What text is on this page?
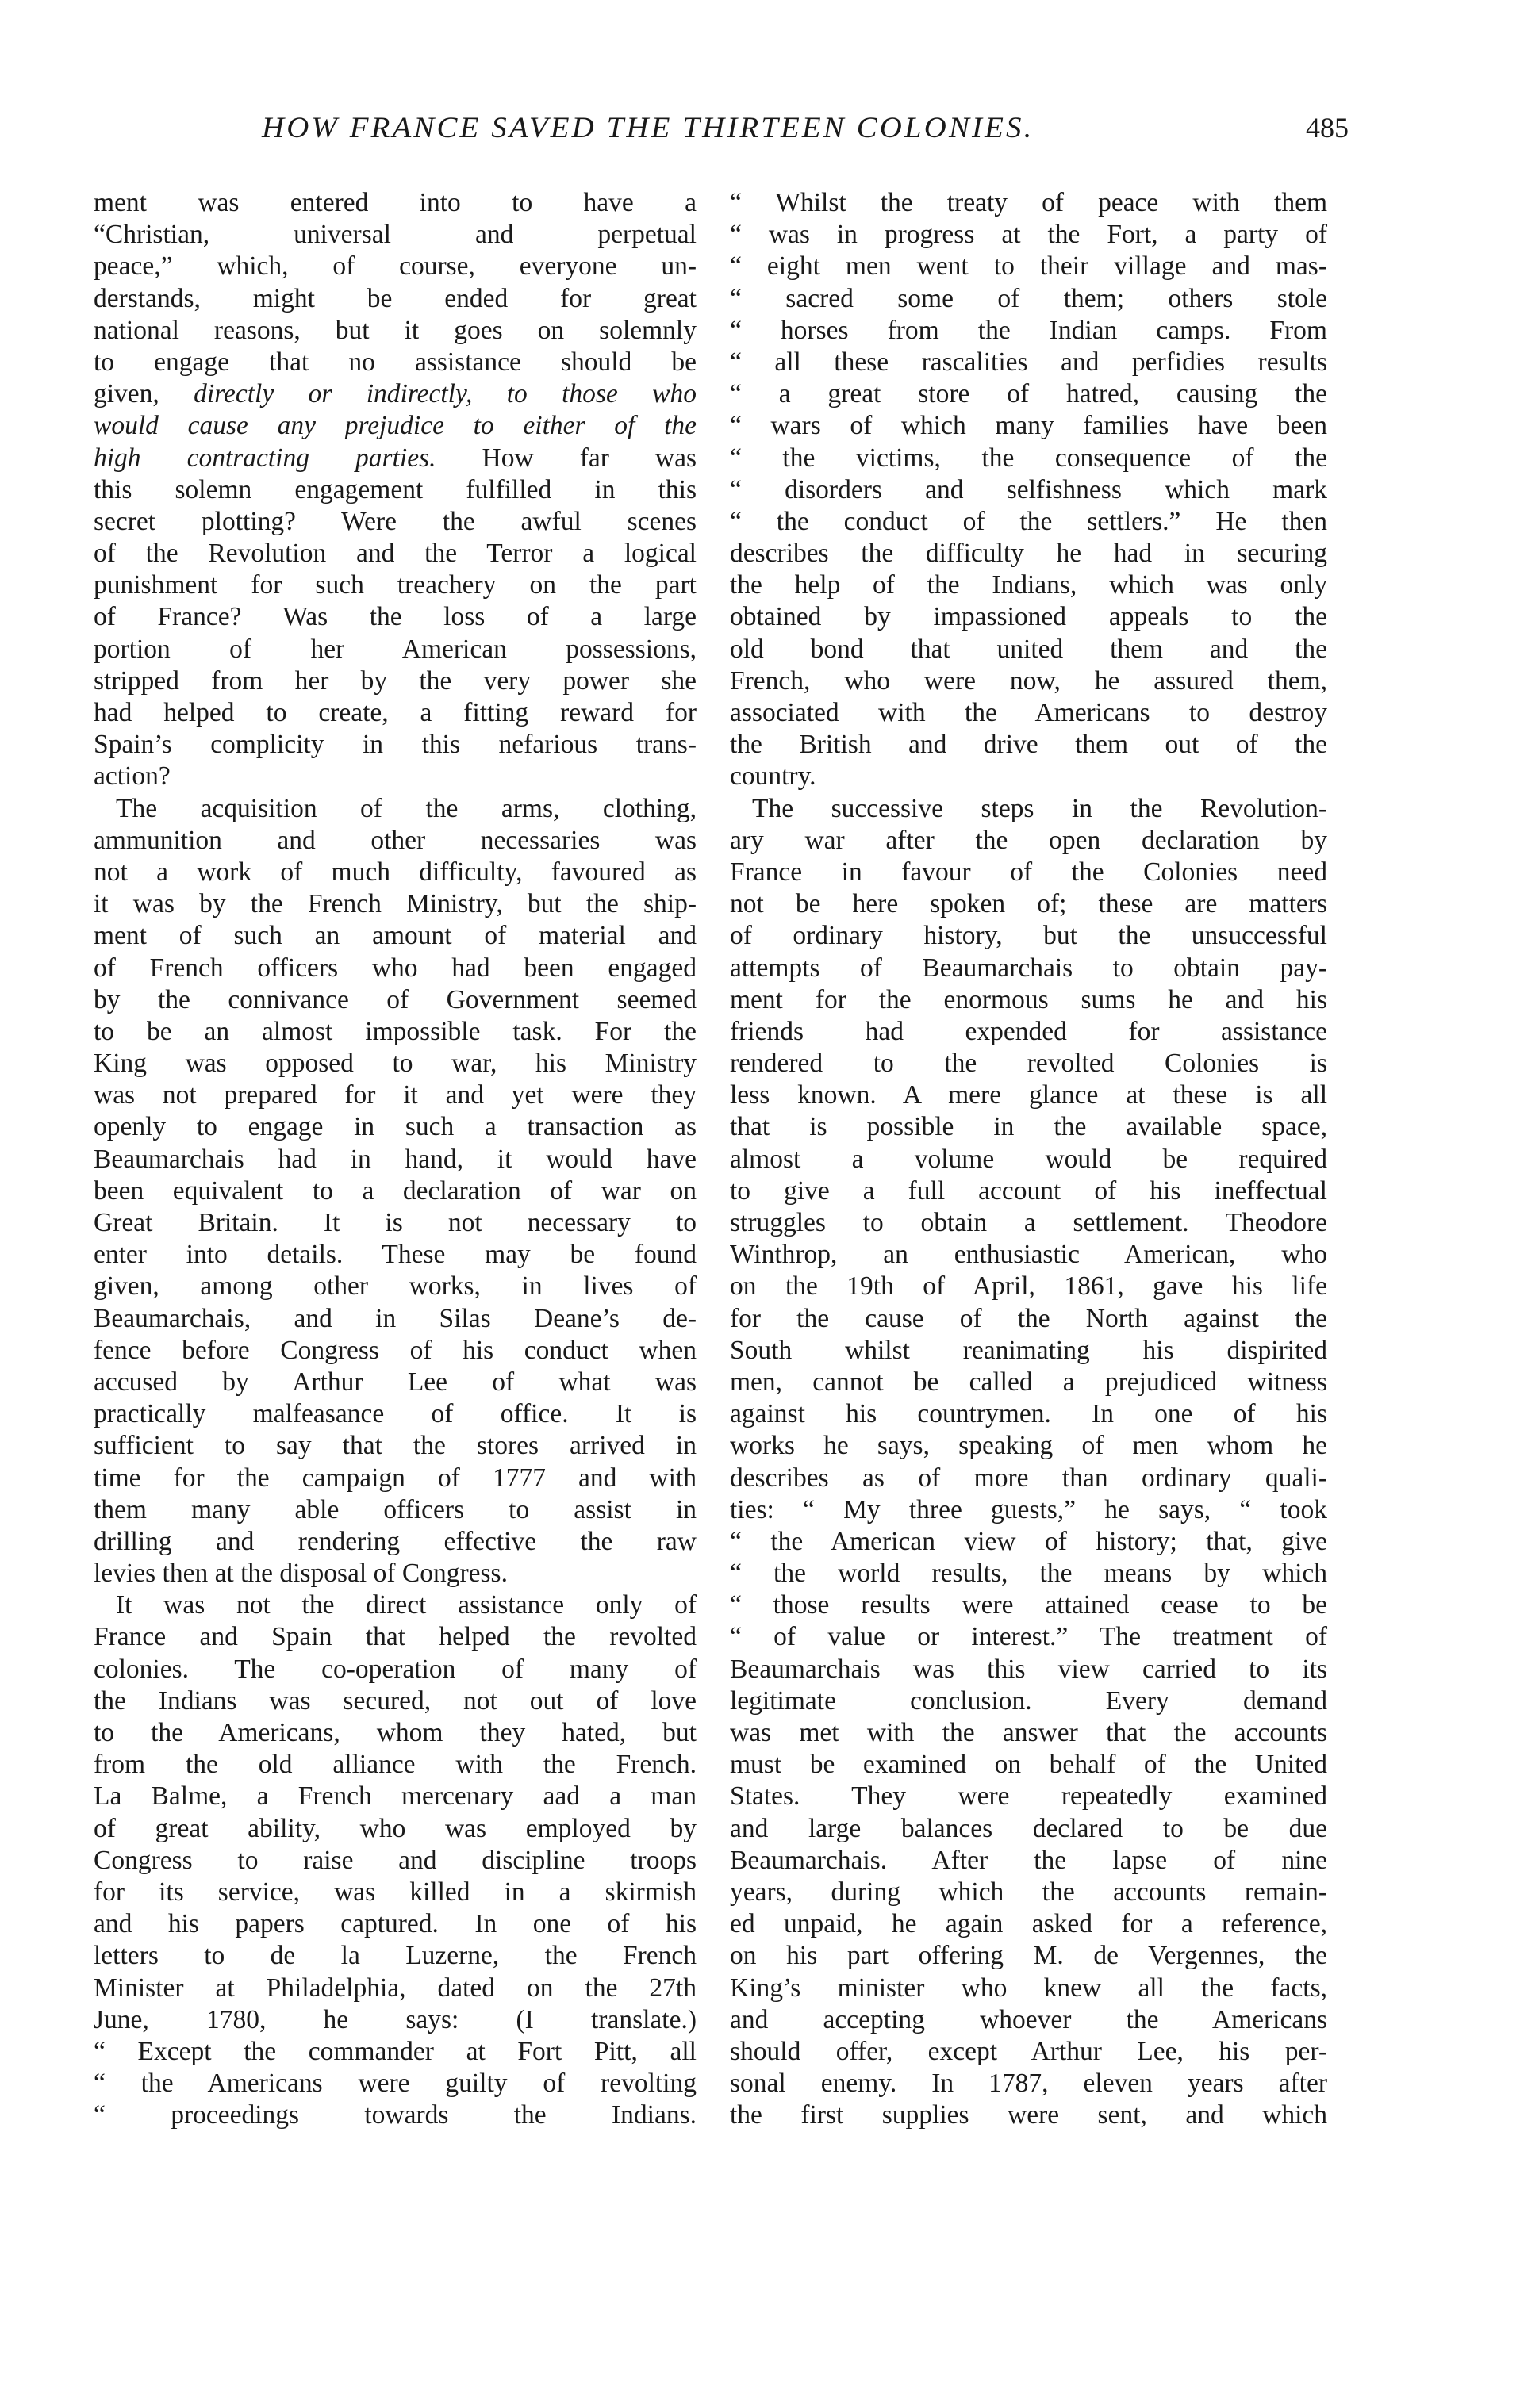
HOW FRANCE SAVED THE THIRTEEN COLONIES.	485
ment was entered into to have a
“Christian, universal and perpetual
peace,” which, of course, everyone un-
derstands, might be ended for great
national reasons, but it goes on solemnly
to engage that no assistance should be
given, directly or indirectly, to those who
would cause any prejudice to either of the
high contracting parties. How far was
this solemn engagement fulfilled in this
secret plotting? Were the awful scenes
of the Revolution and the Terror a logical
punishment for such treachery on the part
of France? Was the loss of a large
portion of her American possessions,
stripped from her by the very power she
had helped to create, a fitting reward for
Spain’s complicity in this nefarious trans-
action?
The acquisition of the arms, clothing,
ammunition and other necessaries was
not a work of much difficulty, favoured as
it was by the French Ministry, but the ship-
ment of such an amount of material and
of French officers who had been engaged
by the connivance of Government seemed
to be an almost impossible task. For the
King was opposed to war, his Ministry
was not prepared for it and yet were they
openly to engage in such a transaction as
Beaumarchais had in hand, it would have
been equivalent to a declaration of war on
Great Britain. It is not necessary to
enter into details. These may be found
given, among other works, in lives of
Beaumarchais, and in Silas Deane’s de-
fence before Congress of his conduct when
accused by Arthur Lee of what was
practically malfeasance of office. It is
sufficient to say that the stores arrived in
time for the campaign of 1777 and with
them many able officers to assist in
drilling and rendering effective the raw
levies then at the disposal of Congress.
It was not the direct assistance only of
France and Spain that helped the revolted
colonies. The co-operation of many of
the Indians was secured, not out of love
to the Americans, whom they hated, but
from the old alliance with the French.
La Balme, a French mercenary aad a man
of great ability, who was employed by
Congress to raise and discipline troops
for its service, was killed in a skirmish
and his papers captured. In one of his
letters to de la Luzerne, the French
Minister at Philadelphia, dated on the 27th
June, 1780, he says: (I translate.)
“ Except the commander at Fort Pitt, all
“ the Americans were guilty of revolting
“ proceedings towards the Indians.
“ Whilst the treaty of peace with them
“ was in progress at the Fort, a party of
“ eight men went to their village and mas-
“ sacred some of them; others stole
“ horses from the Indian camps. From
“ all these rascalities and perfidies results
“ a great store of hatred, causing the
“ wars of which many families have been
“ the victims, the consequence of the
“ disorders and selfishness which mark
“ the conduct of the settlers.” He then
describes the difficulty he had in securing
the help of the Indians, which was only
obtained by impassioned appeals to the
old bond that united them and the
French, who were now, he assured them,
associated with the Americans to destroy
the British and drive them out of the
country.
The successive steps in the Revolution-
ary war after the open declaration by
France in favour of the Colonies need
not be here spoken of; these are matters
of ordinary history, but the unsuccessful
attempts of Beaumarchais to obtain pay-
ment for the enormous sums he and his
friends had expended for assistance
rendered to the revolted Colonies is
less known. A mere glance at these is all
that is possible in the available space,
almost a volume would be required
to give a full account of his ineffectual
struggles to obtain a settlement. Theodore
Winthrop, an enthusiastic American, who
on the 19th of April, 1861, gave his life
for the cause of the North against the
South whilst reanimating his dispirited
men, cannot be called a prejudiced witness
against his countrymen. In one of his
works he says, speaking of men whom he
describes as of more than ordinary quali-
ties: “ My three guests,” he says, “ took
“ the American view of history; that, give
“ the world results, the means by which
“ those results were attained cease to be
“ of value or interest.” The treatment of
Beaumarchais was this view carried to its
legitimate conclusion. Every demand
was met with the answer that the accounts
must be examined on behalf of the United
States. They were repeatedly examined
and large balances declared to be due
Beaumarchais. After the lapse of nine
years, during which the accounts remain-
ed unpaid, he again asked for a reference,
on his part offering M. de Vergennes, the
King’s minister who knew all the facts,
and accepting whoever the Americans
should offer, except Arthur Lee, his per-
sonal enemy. In 1787, eleven years after
the first supplies were sent, and which
